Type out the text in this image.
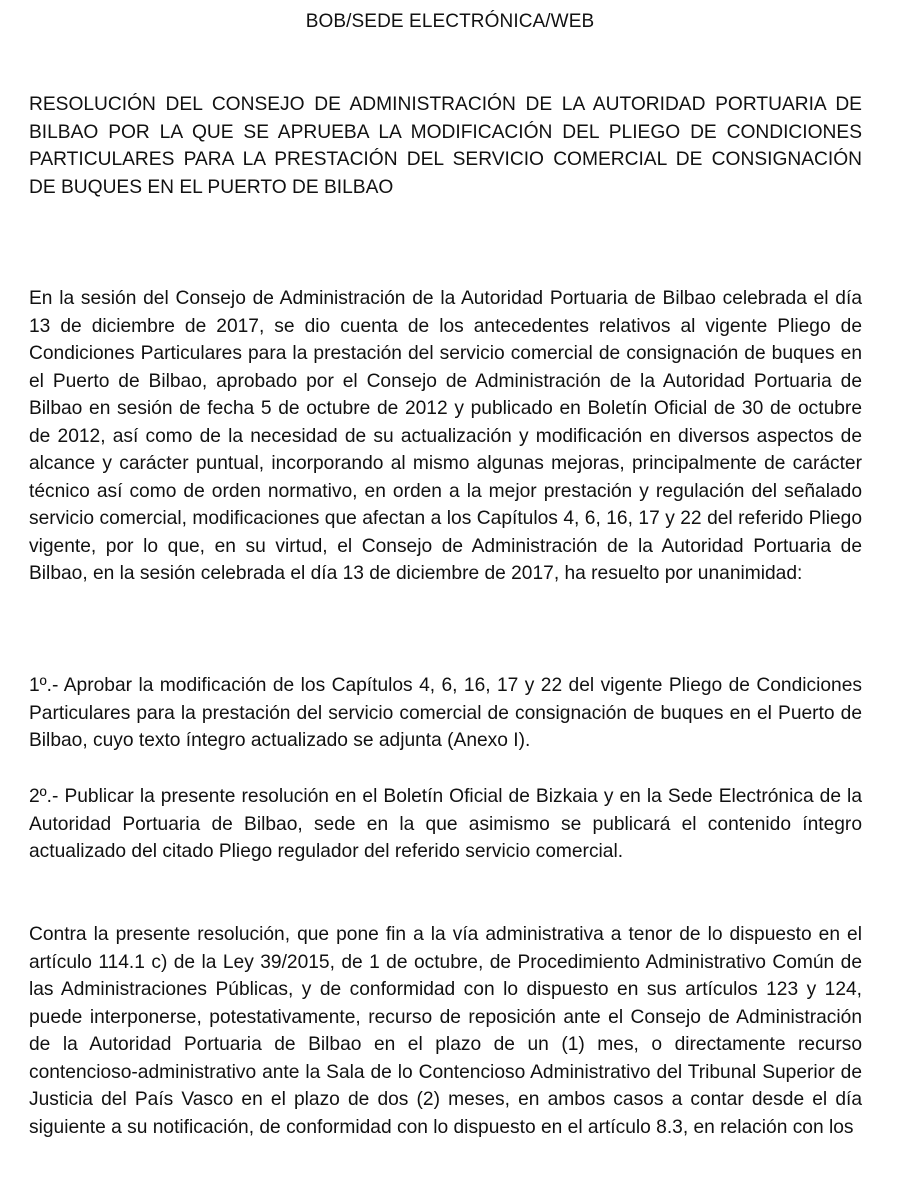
BOB/SEDE ELECTRÓNICA/WEB

RESOLUCIÓN DEL CONSEJO DE ADMINISTRACIÓN DE LA AUTORIDAD PORTUARIA DE BILBAO POR LA QUE SE APRUEBA LA MODIFICACIÓN DEL PLIEGO DE CONDICIONES PARTICULARES PARA LA PRESTACIÓN DEL SERVICIO COMERCIAL DE CONSIGNACIÓN DE BUQUES EN EL PUERTO DE BILBAO

En la sesión del Consejo de Administración de la Autoridad Portuaria de Bilbao celebrada el día 13 de diciembre de 2017, se dio cuenta de los antecedentes relativos al vigente Pliego de Condiciones Particulares para la prestación del servicio comercial de consignación de buques en el Puerto de Bilbao, aprobado por el Consejo de Administración de la Autoridad Portuaria de Bilbao en sesión de fecha 5 de octubre de 2012 y publicado en Boletín Oficial de 30 de octubre de 2012, así como de la necesidad de su actualización y modificación en diversos aspectos de alcance y carácter puntual, incorporando al mismo algunas mejoras, principalmente de carácter técnico así como de orden normativo, en orden a la mejor prestación y regulación del señalado servicio comercial, modificaciones que afectan a los Capítulos 4, 6, 16, 17 y 22 del referido Pliego vigente, por lo que, en su virtud, el Consejo de Administración de la Autoridad Portuaria de Bilbao, en la sesión celebrada el día 13 de diciembre de 2017, ha resuelto por unanimidad:

1º.- Aprobar la modificación de los Capítulos 4, 6, 16, 17 y 22 del vigente Pliego de Condiciones Particulares para la prestación del servicio comercial de consignación de buques en el Puerto de Bilbao, cuyo texto íntegro actualizado se adjunta (Anexo I).

2º.- Publicar la presente resolución en el Boletín Oficial de Bizkaia y en la Sede Electrónica de la Autoridad Portuaria de Bilbao, sede en la que asimismo se publicará el contenido íntegro actualizado del citado Pliego regulador del referido servicio comercial.

Contra la presente resolución, que pone fin a la vía administrativa a tenor de lo dispuesto en el artículo 114.1 c) de la Ley 39/2015, de 1 de octubre, de Procedimiento Administrativo Común de las Administraciones Públicas, y de conformidad con lo dispuesto en sus artículos 123 y 124, puede interponerse, potestativamente, recurso de reposición ante el Consejo de Administración de la Autoridad Portuaria de Bilbao en el plazo de un (1) mes, o directamente recurso contencioso-administrativo ante la Sala de lo Contencioso Administrativo del Tribunal Superior de Justicia del País Vasco en el plazo de dos (2) meses, en ambos casos a contar desde el día siguiente a su notificación, de conformidad con lo dispuesto en el artículo 8.3, en relación con los
